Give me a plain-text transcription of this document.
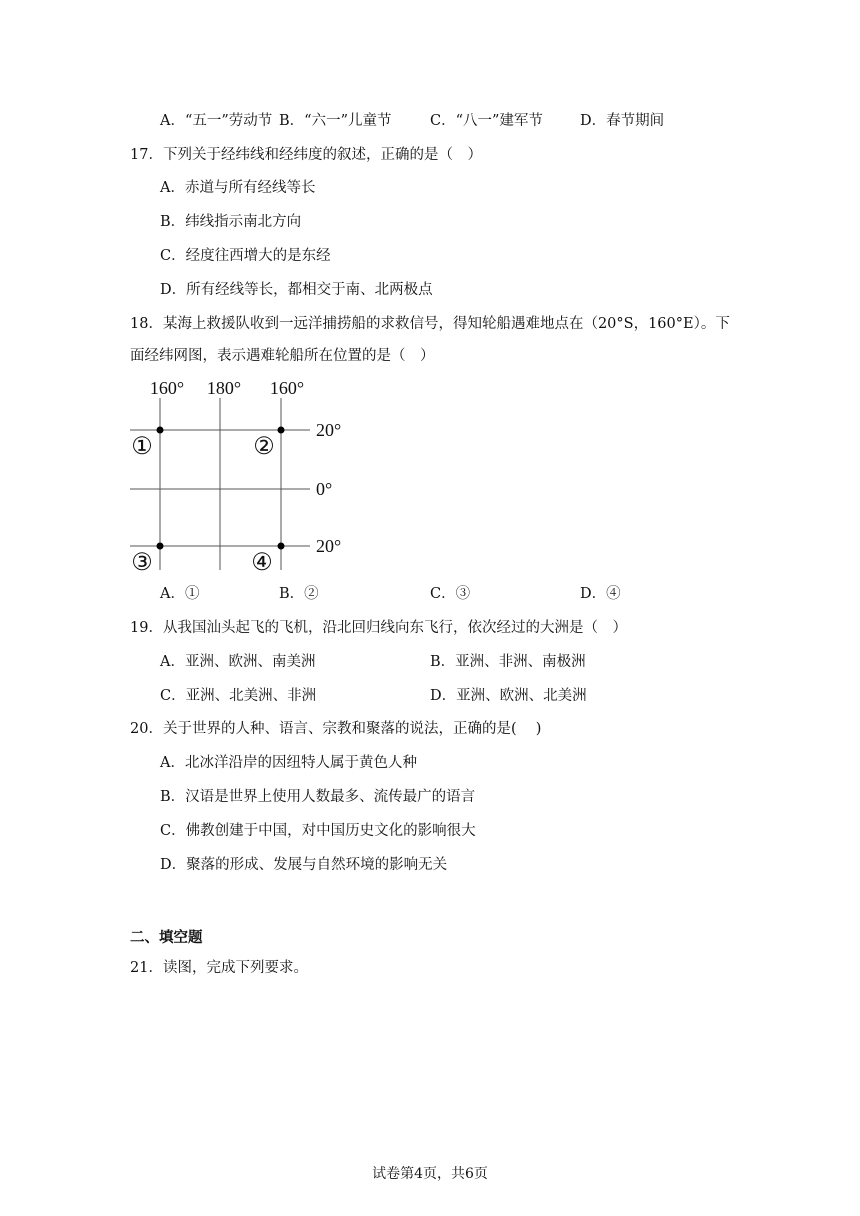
A．“五一”劳动节 B．“六一”儿童节	C．“八一”建军节	D．春节期间
17．下列关于经纬线和经纬度的叙述，正确的是（　）
A．赤道与所有经线等长
B．纬线指示南北方向
C．经度往西增大的是东经
D．所有经线等长，都相交于南、北两极点
18．某海上救援队收到一远洋捕捞船的求救信号，得知轮船遇难地点在（20°S，160°E）。下
面经纬网图，表示遇难轮船所在位置的是（　）
160° 180° 160°
20°
0°
20°
①	②
③	④
A．①	B．②	C．③	D．④
19．从我国汕头起飞的飞机，沿北回归线向东飞行，依次经过的大洲是（　）
A．亚洲、欧洲、南美洲	B．亚洲、非洲、南极洲
C．亚洲、北美洲、非洲	D．亚洲、欧洲、北美洲
20．关于世界的人种、语言、宗教和聚落的说法，正确的是(　 )
A．北冰洋沿岸的因纽特人属于黄色人种
B．汉语是世界上使用人数最多、流传最广的语言
C．佛教创建于中国，对中国历史文化的影响很大
D．聚落的形成、发展与自然环境的影响无关
二、填空题
21．读图，完成下列要求。
试卷第4页，共6页
